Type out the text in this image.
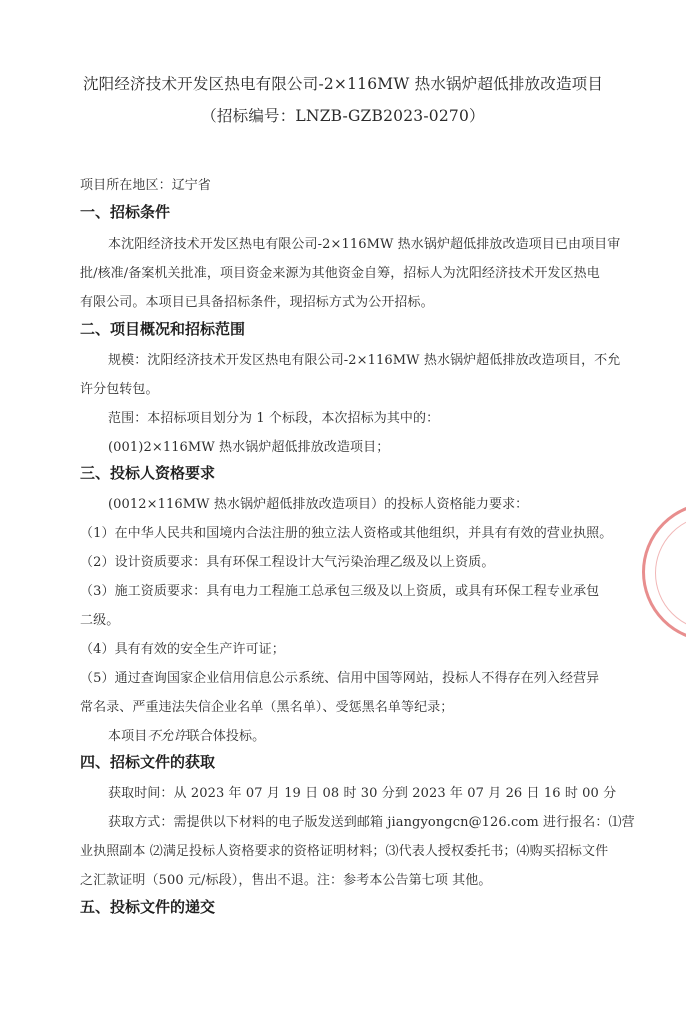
沈阳经济技术开发区热电有限公司-2×116MW 热水锅炉超低排放改造项目
（招标编号：LNZB-GZB2023-0270）
项目所在地区：辽宁省
一、招标条件
本沈阳经济技术开发区热电有限公司-2×116MW 热水锅炉超低排放改造项目已由项目审
批/核准/备案机关批准，项目资金来源为其他资金自筹，招标人为沈阳经济技术开发区热电
有限公司。本项目已具备招标条件，现招标方式为公开招标。
二、项目概况和招标范围
规模：沈阳经济技术开发区热电有限公司-2×116MW 热水锅炉超低排放改造项目，不允
许分包转包。
范围：本招标项目划分为 1 个标段，本次招标为其中的：
(001)2×116MW 热水锅炉超低排放改造项目；
三、投标人资格要求
(0012×116MW 热水锅炉超低排放改造项目）的投标人资格能力要求：
（1）在中华人民共和国境内合法注册的独立法人资格或其他组织，并具有有效的营业执照。
（2）设计资质要求：具有环保工程设计大气污染治理乙级及以上资质。
（3）施工资质要求：具有电力工程施工总承包三级及以上资质，或具有环保工程专业承包
二级。
（4）具有有效的安全生产许可证；
（5）通过查询国家企业信用信息公示系统、信用中国等网站，投标人不得存在列入经营异
常名录、严重违法失信企业名单（黑名单）、受惩黑名单等纪录；
本项目不允许联合体投标。
四、招标文件的获取
获取时间：从 2023 年 07 月 19 日 08 时 30 分到 2023 年 07 月 26 日 16 时 00 分
获取方式：需提供以下材料的电子版发送到邮箱 jiangyongcn@126.com 进行报名：⑴营
业执照副本 ⑵满足投标人资格要求的资格证明材料；⑶代表人授权委托书；⑷购买招标文件
之汇款证明（500 元/标段），售出不退。注：参考本公告第七项 其他。
五、投标文件的递交
